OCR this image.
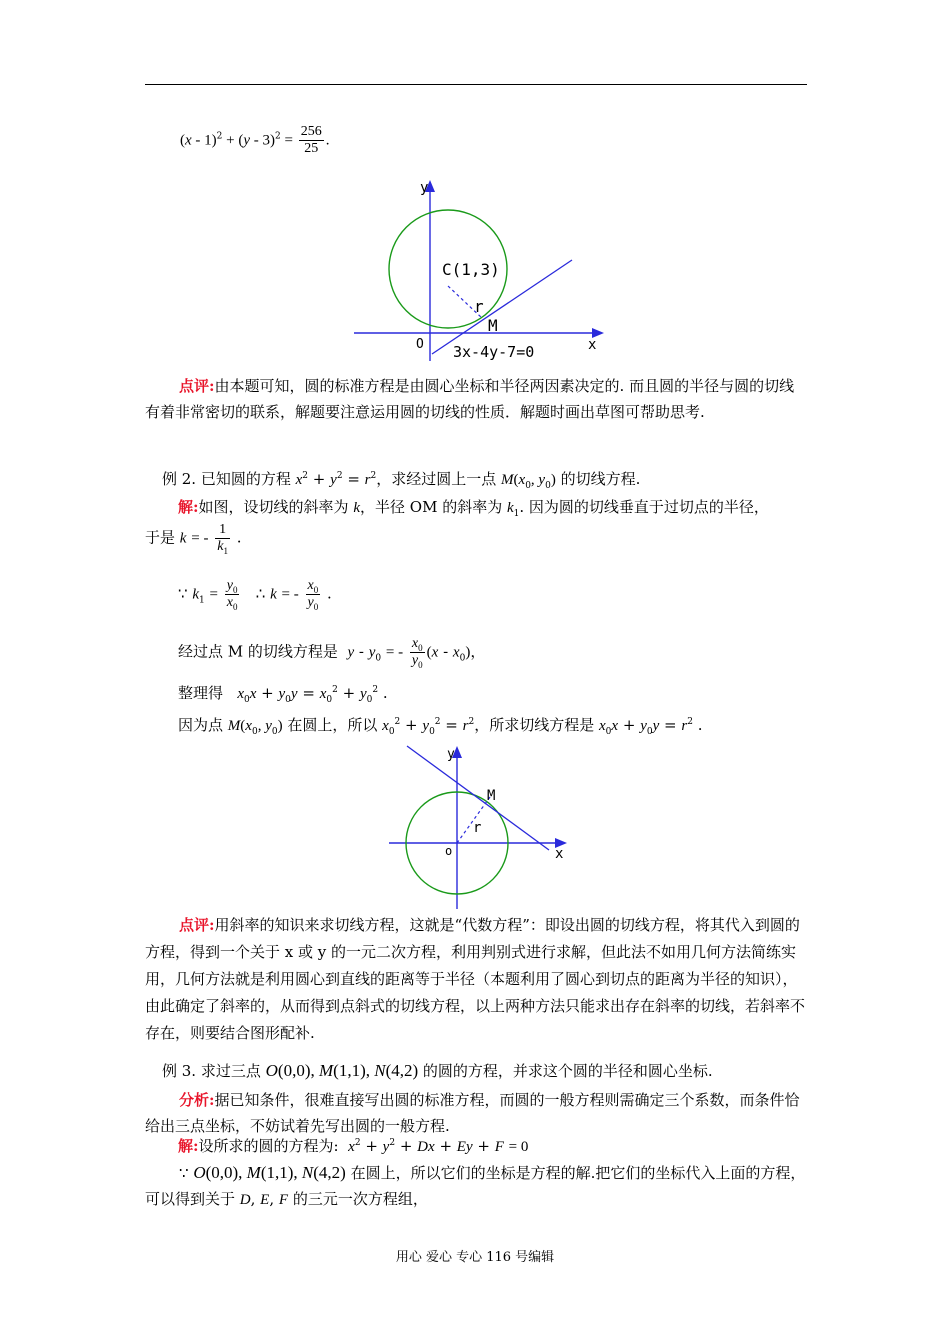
$(x - 1)^2 + (y - 3)^2 = \frac{256}{25}$ .
y
x
O
C(1,3)
r
M
3x-4y-7=0
点评:由本题可知，圆的标准方程是由圆心坐标和半径两因素决定的. 而且圆的半径与圆的切线有着非常密切的联系，解题要注意运用圆的切线的性质．解题时画出草图可帮助思考.
例 2. 已知圆的方程 $x^2 + y^2 = r^2$，求经过圆上一点 $M(x_0$, $y_0$) 的切线方程.
解:如图，设切线的斜率为 k，半径 OM 的斜率为 $k_1$. 因为圆的切线垂直于过切点的半径，
于是 k = - $\frac{1}{k_1}$ .
∵ $k_1 = \frac{y_0}{x_0}$ ∴ k = - $\frac{x_0}{y_0}$ .
经过点 M 的切线方程是  y - $y_0$ = - $\frac{x_0}{y_0} (x - x_0)$，
整理得   $x_0x + y_0y = x_0^2 + y_0^2$ .
因为点 $M(x_0$, $y_0$) 在圆上，所以 $x_0^2 + y_0^2 = r^2$，所求切线方程是 $x_0x + y_0y = r^2$ .
y
x
o
r
M
点评:用斜率的知识来求切线方程，这就是“代数方程”：即设出圆的切线方程，将其代入到圆的方程，得到一个关于 x 或 y 的一元二次方程，利用判别式进行求解，但此法不如用几何方法简练实用，几何方法就是利用圆心到直线的距离等于半径（本题利用了圆心到切点的距离为半径的知识），由此确定了斜率的，从而得到点斜式的切线方程，以上两种方法只能求出存在斜率的切线，若斜率不存在，则要结合图形配补.
例 3. 求过三点 O(0,0), M(1,1), N(4,2) 的圆的方程，并求这个圆的半径和圆心坐标.
分析:据已知条件，很难直接写出圆的标准方程，而圆的一般方程则需确定三个系数，而条件恰给出三点坐标，不妨试着先写出圆的一般方程.
解:设所求的圆的方程为:  $x^2 + y^2 + Dx + Ey + F = 0$
∵ O(0,0), M(1,1), N(4,2) 在圆上，所以它们的坐标是方程的解.把它们的坐标代入上面的方程，可以得到关于 D, E, F 的三元一次方程组，
用心 爱心 专心 116 号编辑
